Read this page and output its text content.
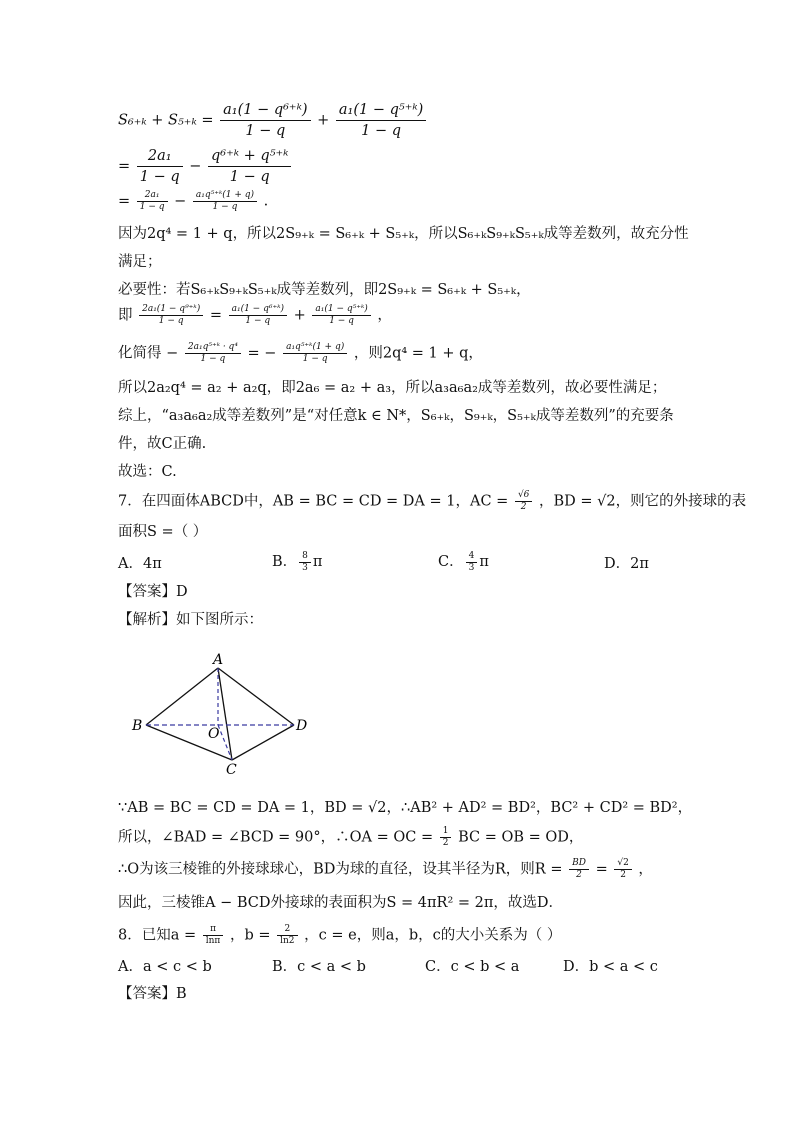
$S_{6+k} + S_{5+k} = \frac{\text{a₁(1 − q⁶⁺ᵏ)}}{1 - q} + \frac{\text{a₁(1 − q⁵⁺ᵏ)}}{1 - q}$
= $\frac{\text{2a₁}}{1 - q} - \frac{\text{q⁶⁺ᵏ + q⁵⁺ᵏ}}{1 - q}$
= $\frac{\text{2a₁}}{1 - q} - \frac{\text{a₁q⁵⁺ᵏ(1 + q)}}{1 - q}$ .
因为2q⁴ = 1 + q，所以2S₉₊ₖ = S₆₊ₖ + S₅₊ₖ，所以S₆₊ₖS₉₊ₖS₅₊ₖ成等差数列，故充分性
满足；
必要性：若S₆₊ₖS₉₊ₖS₅₊ₖ成等差数列，即2S₉₊ₖ = S₆₊ₖ + S₅₊ₖ，
即 $\frac{\text{2a₁(1 − q⁹⁺ᵏ)}}{1 - q} = \frac{\text{a₁(1 − q⁶⁺ᵏ)}}{1 - q} + \frac{\text{a₁(1 − q⁵⁺ᵏ)}}{1 - q}$ ，
化简得 − $\frac{\text{2a₁q⁵⁺ᵏ · q⁴}}{1 - q}$ = − $\frac{\text{a₁q⁵⁺ᵏ(1 + q)}}{1 - q}$ ，则2q⁴ = 1 + q，
所以2a₂q⁴ = a₂ + a₂q，即2a₆ = a₂ + a₃，所以a₃a₆a₂成等差数列，故必要性满足；
综上，“a₃a₆a₂成等差数列”是“对任意k ∈ N*，S₆₊ₖ，S₉₊ₖ，S₅₊ₖ成等差数列”的充要条
件，故C正确.
故选：C.
7．在四面体ABCD中，AB = BC = CD = DA = 1，AC = $\frac{√6}{2}$ ，BD = √2，则它的外接球的表
面积S =（ ）
A．4π	B． $\frac{8}{3}$ π	C． $\frac{4}{3}$ π	D．2π
【答案】D
【解析】如下图所示：
A
B	D
C
O
∵AB = BC = CD = DA = 1，BD = √2，∴AB² + AD² = BD²，BC² + CD² = BD²，
所以，∠BAD = ∠BCD = 90°，∴OA = OC = $\frac{1}{2}$ BC = OB = OD，
∴O为该三棱锥的外接球球心，BD为球的直径，设其半径为R，则$R = \frac{BD}{2} = \frac{√2}{2}$ ，
因此，三棱锥A − BCD外接球的表面积为S = 4πR² = 2π，故选D．
8．已知$a = \frac{\pi}{\ln\pi}$ ，$b = \frac{2}{\ln 2}$ ，c = e，则a，b，c的大小关系为（ ）
A．a < c < b	B．c < a < b	C．c < b < a	D．b < a < c
【答案】B
